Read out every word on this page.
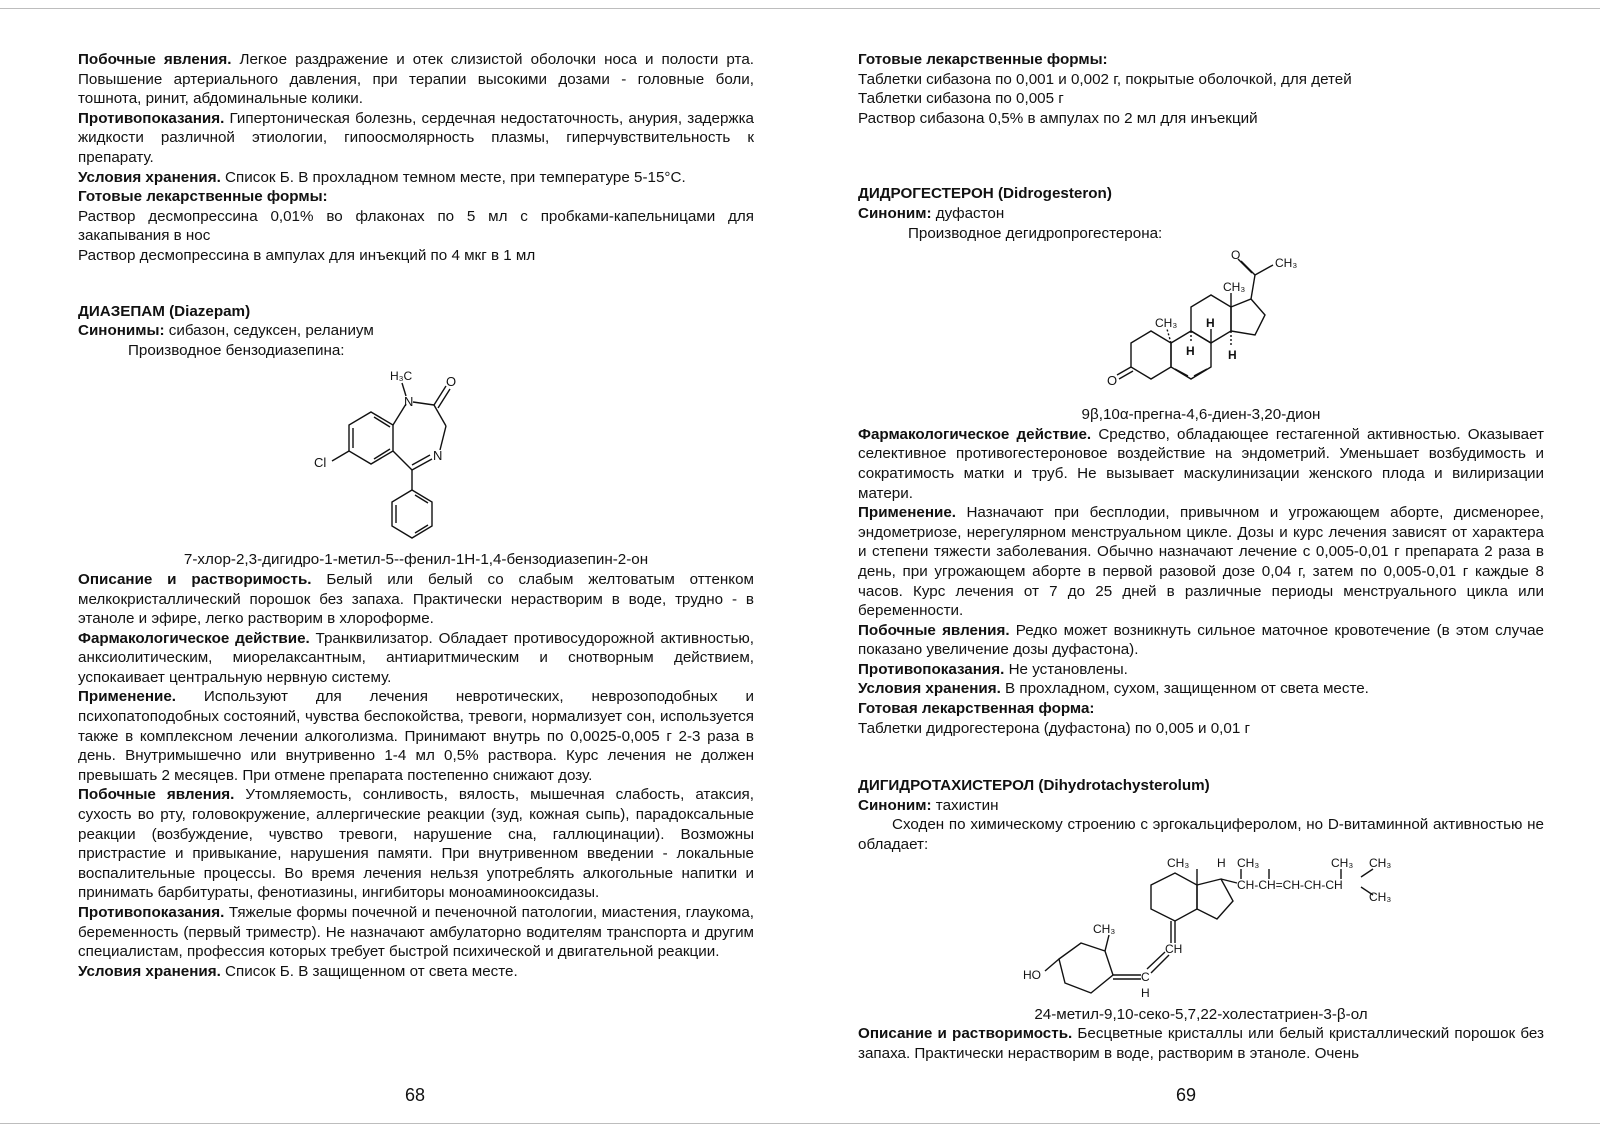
Побочные явления. Легкое раздражение и отек слизистой оболочки носа и полости рта. Повышение артериального давления, при терапии высокими дозами - головные боли, тошнота, ринит, абдоминальные колики.

Противопоказания. Гипертоническая болезнь, сердечная недостаточность, анурия, задержка жидкости различной этиологии, гипоосмолярность плазмы, гиперчувствительность к препарату.

Условия хранения. Список Б. В прохладном темном месте, при температуре 5-15°С.

Готовые лекарственные формы:

Раствор десмопрессина 0,01% во флаконах по 5 мл с пробками-капельницами для закапывания в нос

Раствор десмопрессина в ампулах для инъекций по 4 мкг в 1 мл

ДИАЗЕПАМ (Diazepam)

Синонимы: сибазон, седуксен, реланиум

Производное бензодиазепина:

H₃C
N
O
N
Cl

7-хлор-2,3-дигидро-1-метил-5--фенил-1Н-1,4-бензодиазепин-2-он

Описание и растворимость. Белый или белый со слабым желтоватым оттенком мелкокристаллический порошок без запаха. Практически нерастворим в воде, трудно - в этаноле и эфире, легко растворим в хлороформе.

Фармакологическое действие. Транквилизатор. Обладает противосудорожной активностью, анксиолитическим, миорелаксантным, антиаритмическим и снотворным действием, успокаивает центральную нервную систему.

Применение. Используют для лечения невротических, неврозоподобных и психопатоподобных состояний, чувства беспокойства, тревоги, нормализует сон, используется также в комплексном лечении алкоголизма. Принимают внутрь по 0,0025-0,005 г 2-3 раза в день. Внутримышечно или внутривенно 1-4 мл 0,5% раствора. Курс лечения не должен превышать 2 месяцев. При отмене препарата постепенно снижают дозу.

Побочные явления. Утомляемость, сонливость, вялость, мышечная слабость, атаксия, сухость во рту, головокружение, аллергические реакции (зуд, кожная сыпь), парадоксальные реакции (возбуждение, чувство тревоги, нарушение сна, галлюцинации). Возможны пристрастие и привыкание, нарушения памяти. При внутривенном введении - локальные воспалительные процессы. Во время лечения нельзя употреблять алкогольные напитки и принимать барбитураты, фенотиазины, ингибиторы моноаминооксидазы.

Противопоказания. Тяжелые формы почечной и печеночной патологии, миастения, глаукома, беременность (первый триместр). Не назначают амбулаторно водителям транспорта и другим специалистам, профессия которых требует быстрой психической и двигательной реакции.

Условия хранения. Список Б. В защищенном от света месте.

68

Готовые лекарственные формы:

Таблетки сибазона по 0,001 и 0,002 г, покрытые оболочкой, для детей

Таблетки сибазона по 0,005 г

Раствор сибазона 0,5% в ампулах по 2 мл для инъекций

ДИДРОГЕСТЕРОН (Didrogesteron)

Синоним: дуфастон

Производное дегидропрогестерона:

O
CH₃
CH₃
CH₃ H
H	H
O

9β,10α-прегна-4,6-диен-3,20-дион

Фармакологическое действие. Средство, обладающее гестагенной активностью. Оказывает селективное противогестероновое воздействие на эндометрий. Уменьшает возбудимость и сократимость матки и труб. Не вызывает маскулинизации женского плода и вилиризации матери.

Применение. Назначают при бесплодии, привычном и угрожающем аборте, дисменорее, эндометриозе, нерегулярном менструальном цикле. Дозы и курс лечения зависят от характера и степени тяжести заболевания. Обычно назначают лечение с 0,005-0,01 г препарата 2 раза в день, при угрожающем аборте в первой разовой дозе 0,04 г, затем по 0,005-0,01 г каждые 8 часов. Курс лечения от 7 до 25 дней в различные периоды менструального цикла или беременности.

Побочные явления. Редко может возникнуть сильное маточное кровотечение (в этом случае показано увеличение дозы дуфастона).

Противопоказания. Не установлены.

Условия хранения. В прохладном, сухом, защищенном от света месте.

Готовая лекарственная форма:

Таблетки дидрогестерона (дуфастона) по 0,005 и 0,01 г

ДИГИДРОТАХИСТЕРОЛ (Dihydrotachysterolum)

Синоним: тахистин

Сходен по химическому строению с эргокальциферолом, но D-витаминной активностью не обладает:

CH₃ H CH₃	CH₃ CH₃
CH-CH=CH-CH-CH
CH₃
CH₃
CH
C
H
HO

24-метил-9,10-секо-5,7,22-холестатриен-3-β-ол

Описание и растворимость. Бесцветные кристаллы или белый кристаллический порошок без запаха. Практически нерастворим в воде, растворим в этаноле. Очень

69
